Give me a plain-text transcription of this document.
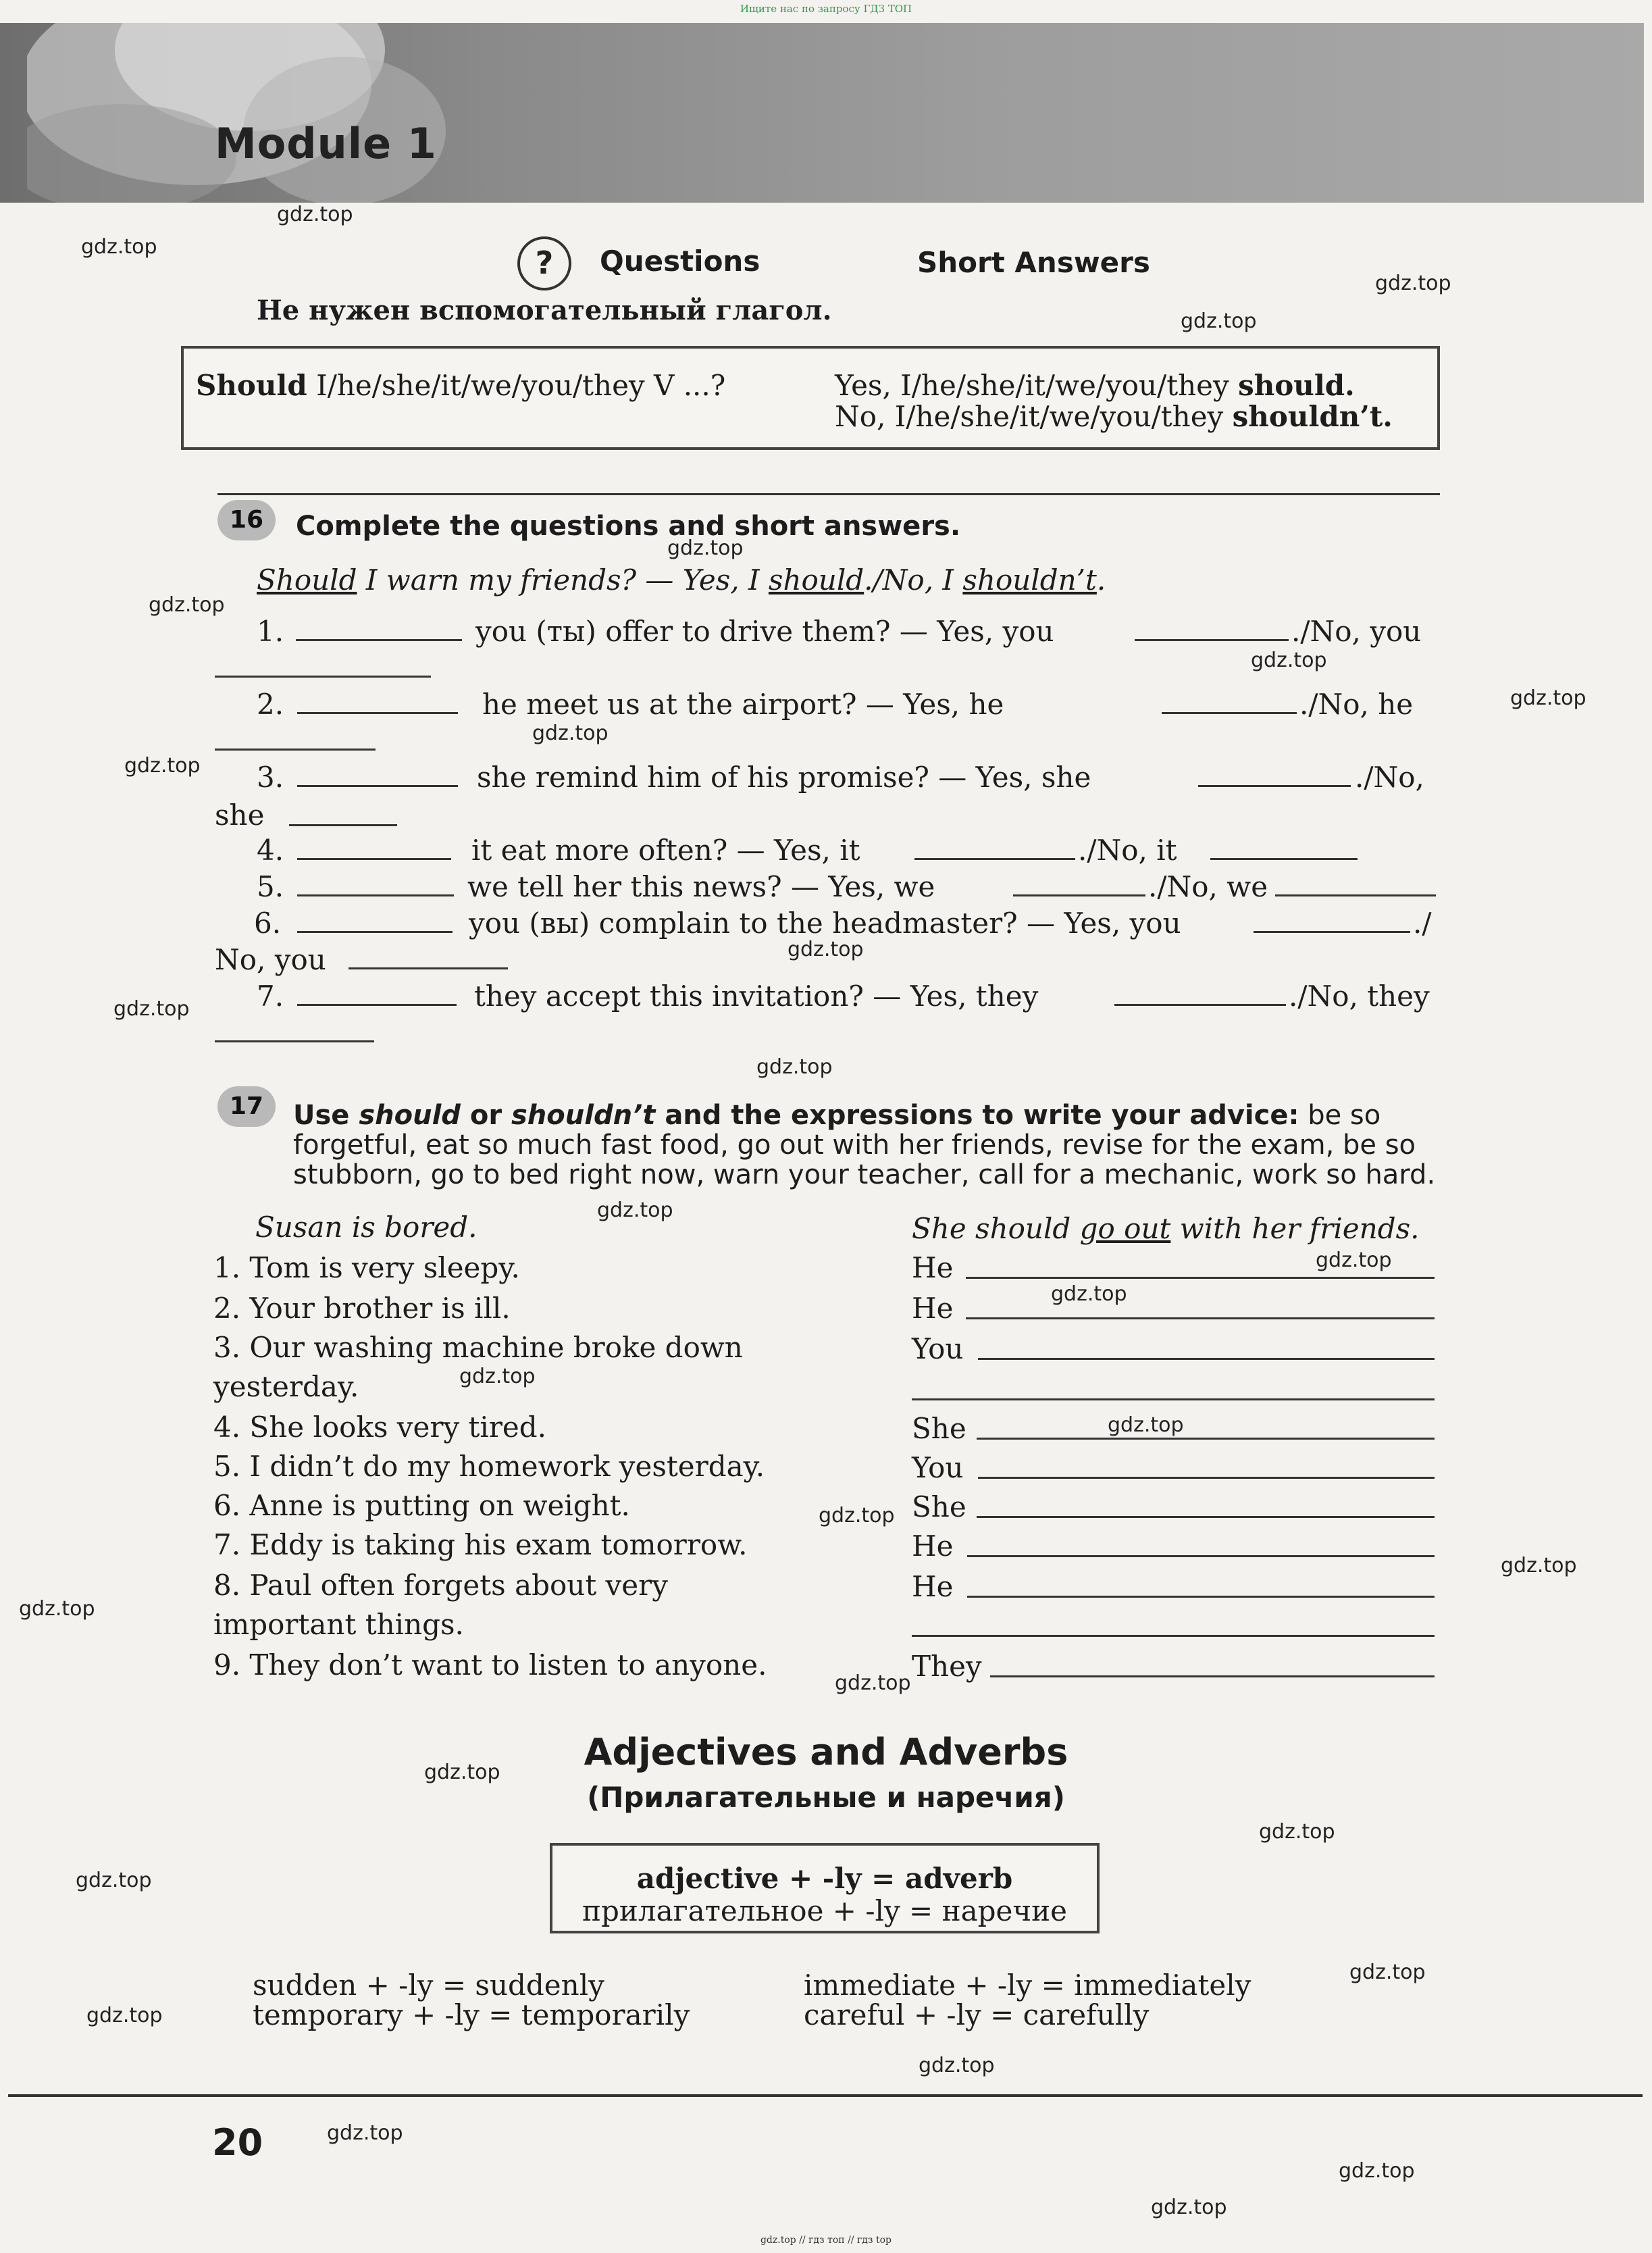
Ищите нас по запросу ГДЗ ТОП
gdz.top // гдз топ // гдз top
Module 1
gdz.top
gdz.top
gdz.top
gdz.top
gdz.top
gdz.top
gdz.top
gdz.top
gdz.top
gdz.top
gdz.top
gdz.top
gdz.top
gdz.top
gdz.top
gdz.top
gdz.top
gdz.top
gdz.top
gdz.top
gdz.top
gdz.top
gdz.top
gdz.top
gdz.top
gdz.top
gdz.top
gdz.top
gdz.top
gdz.top
gdz.top
?	Questions	Short Answers
Не нужен вспомогательный глагол.
Should I/he/she/it/we/you/they V ...?	Yes, I/he/she/it/we/you/they should.
No, I/he/she/it/we/you/they shouldn’t.
16	Complete the questions and short answers.
Should I warn my friends? — Yes, I should./No, I shouldn’t.
1.	you (ты) offer to drive them? — Yes, you	./No, you
2.	he meet us at the airport? — Yes, he	./No, he
3.	she remind him of his promise? — Yes, she	./No,
she
4.	it eat more often? — Yes, it	./No, it
5.	we tell her this news? — Yes, we	./No, we
6.	you (вы) complain to the headmaster? — Yes, you	./
No, you
7.	they accept this invitation? — Yes, they	./No, they
17	Use should or shouldn’t and the expressions to write your advice: be so
forgetful, eat so much fast food, go out with her friends, revise for the exam, be so
stubborn, go to bed right now, warn your teacher, call for a mechanic, work so hard.
Susan is bored.	She should go out with her friends.
1. Tom is very sleepy.	He
2. Your brother is ill.	He
3. Our washing machine broke down
yesterday.
You
4. She looks very tired.	She
5. I didn’t do my homework yesterday.	You
6. Anne is putting on weight.	She
7. Eddy is taking his exam tomorrow.	He
8. Paul often forgets about very
important things.
He
9. They don’t want to listen to anyone.	They
Adjectives and Adverbs
(Прилагательные и наречия)
adjective + -ly = adverb
прилагательное + -ly = наречие
sudden + -ly = suddenly
temporary + -ly = temporarily
immediate + -ly = immediately
careful + -ly = carefully
20
